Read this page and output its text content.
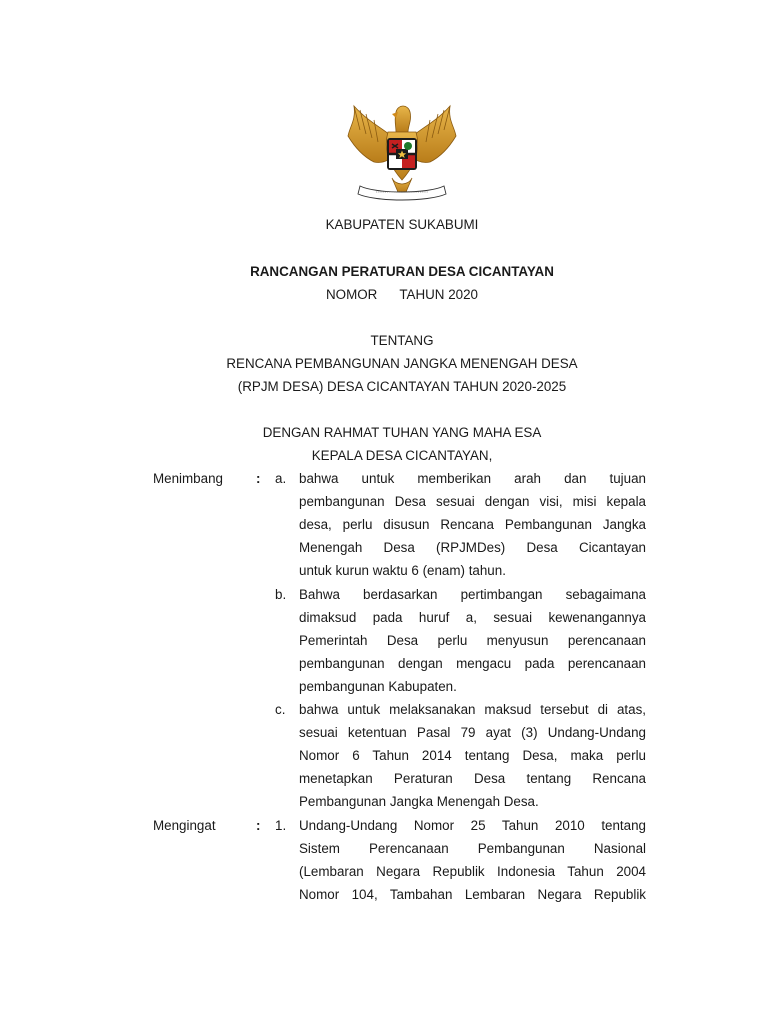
KABUPATEN SUKABUMI
RANCANGAN PERATURAN DESA CICANTAYAN
NOMOR TAHUN 2020
TENTANG
RENCANA PEMBANGUNAN JANGKA MENENGAH DESA
(RPJM DESA) DESA CICANTAYAN TAHUN 2020-2025
DENGAN RAHMAT TUHAN YANG MAHA ESA
KEPALA DESA CICANTAYAN,
Menimbang : a. bahwa untuk memberikan arah dan tujuan
pembangunan Desa sesuai dengan visi, misi kepala
desa, perlu disusun Rencana Pembangunan Jangka
Menengah Desa (RPJMDes) Desa Cicantayan
untuk kurun waktu 6 (enam) tahun.
b. Bahwa berdasarkan pertimbangan sebagaimana
dimaksud pada huruf a, sesuai kewenangannya
Pemerintah Desa perlu menyusun perencanaan
pembangunan dengan mengacu pada perencanaan
pembangunan Kabupaten.
c. bahwa untuk melaksanakan maksud tersebut di atas,
sesuai ketentuan Pasal 79 ayat (3) Undang-Undang
Nomor 6 Tahun 2014 tentang Desa, maka perlu
menetapkan Peraturan Desa tentang Rencana
Pembangunan Jangka Menengah Desa.
Mengingat	: 1. Undang-Undang Nomor 25 Tahun 2010 tentang
Sistem Perencanaan Pembangunan Nasional
(Lembaran Negara Republik Indonesia Tahun 2004
Nomor 104, Tambahan Lembaran Negara Republik
